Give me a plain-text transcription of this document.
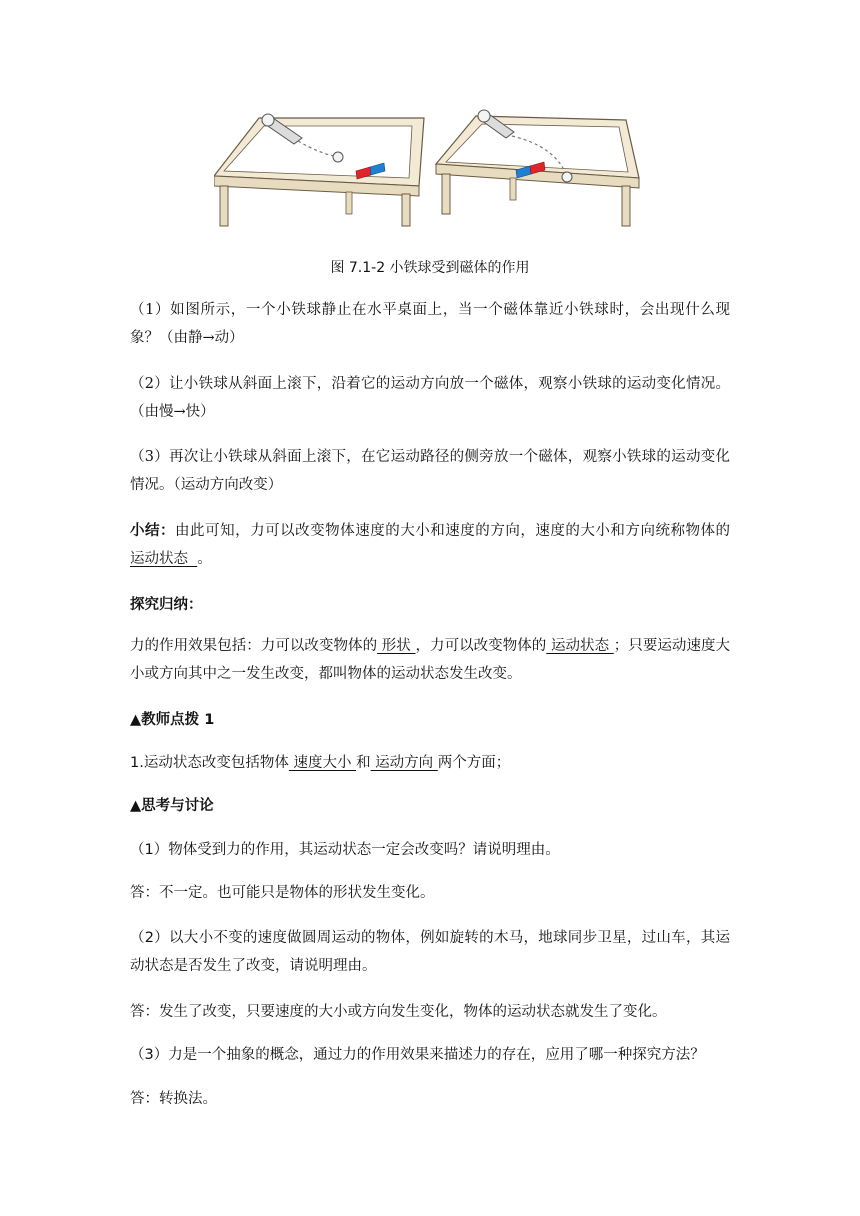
图 7.1-2 小铁球受到磁体的作用
（1）如图所示，一个小铁球静止在水平桌面上，当一个磁体靠近小铁球时，会出现什么现象？（由静→动）
（2）让小铁球从斜面上滚下，沿着它的运动方向放一个磁体，观察小铁球的运动变化情况。（由慢→快）
（3）再次让小铁球从斜面上滚下，在它运动路径的侧旁放一个磁体，观察小铁球的运动变化情况。（运动方向改变）
小结：由此可知，力可以改变物体速度的大小和速度的方向，速度的大小和方向统称物体的运动状态  。
探究归纳：
力的作用效果包括：力可以改变物体的 形状 ，力可以改变物体的 运动状态 ；只要运动速度大小或方向其中之一发生改变，都叫物体的运动状态发生改变。
▲教师点拨 1
1.运动状态改变包括物体 速度大小 和 运动方向 两个方面；
▲思考与讨论
（1）物体受到力的作用，其运动状态一定会改变吗？请说明理由。
答：不一定。也可能只是物体的形状发生变化。
（2）以大小不变的速度做圆周运动的物体，例如旋转的木马，地球同步卫星，过山车，其运动状态是否发生了改变，请说明理由。
答：发生了改变，只要速度的大小或方向发生变化，物体的运动状态就发生了变化。
（3）力是一个抽象的概念，通过力的作用效果来描述力的存在，应用了哪一种探究方法？
答：转换法。
